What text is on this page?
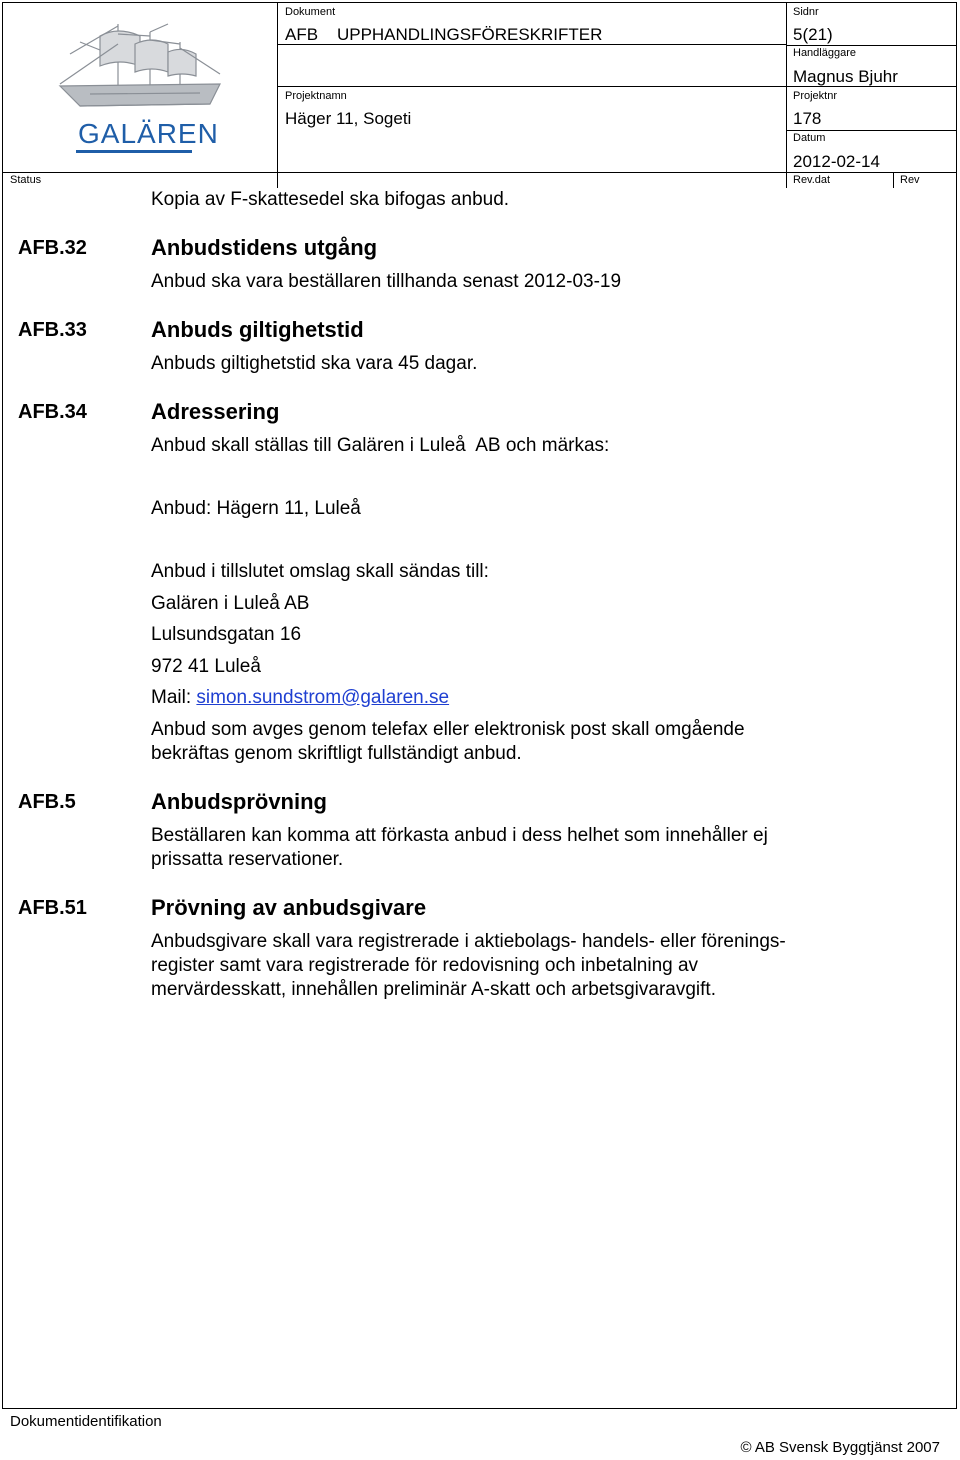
GALÄREN
Dokument
AFB    UPPHANDLINGSFÖRESKRIFTER
Sidnr
5(21)
Handläggare
Magnus Bjuhr
Projektnamn
Häger 11, Sogeti
Projektnr
178
Datum
2012-02-14
Status	Rev.dat	Rev
Kopia av F-skattesedel ska bifogas anbud.
AFB.32	Anbudstidens utgång
Anbud ska vara beställaren tillhanda senast 2012-03-19
AFB.33	Anbuds giltighetstid
Anbuds giltighetstid ska vara 45 dagar.
AFB.34	Adressering
Anbud skall ställas till Galären i Luleå  AB och märkas:
Anbud: Hägern 11, Luleå
Anbud i tillslutet omslag skall sändas till:
Galären i Luleå AB
Lulsundsgatan 16
972 41 Luleå
Mail: simon.sundstrom@galaren.se
Anbud som avges genom telefax eller elektronisk post skall omgående
bekräftas genom skriftligt fullständigt anbud.
AFB.5	Anbudsprövning
Beställaren kan komma att förkasta anbud i dess helhet som innehåller ej
prissatta reservationer.
AFB.51	Prövning av anbudsgivare
Anbudsgivare skall vara registrerade i aktiebolags- handels- eller förenings-
register samt vara registrerade för redovisning och inbetalning av
mervärdesskatt, innehållen preliminär A-skatt och arbetsgivaravgift.
Dokumentidentifikation
© AB Svensk Byggtjänst 2007
